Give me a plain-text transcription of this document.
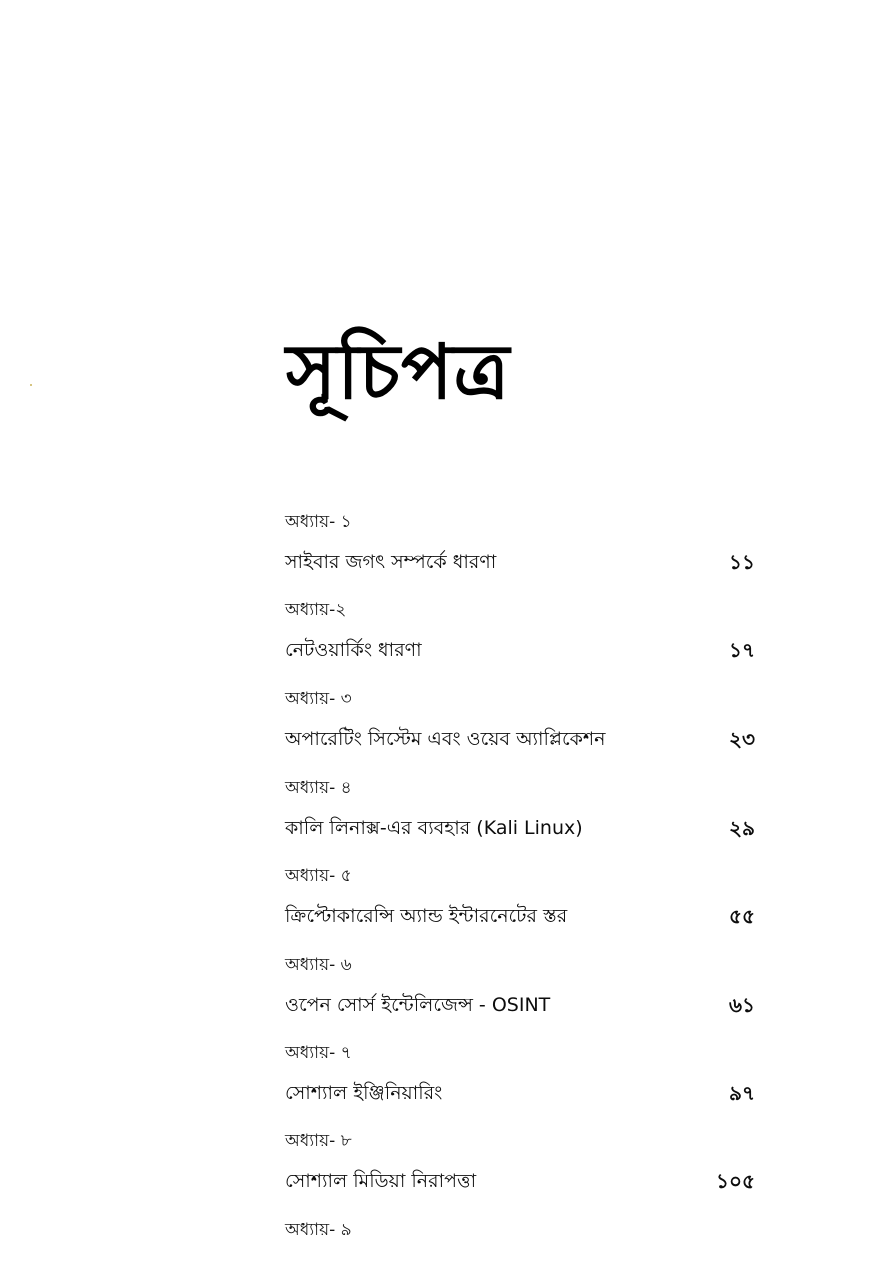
সূচিপত্র
অধ্যায়- ১
সাইবার জগৎ সম্পর্কে ধারণা	১১
অধ্যায়-২
নেটওয়ার্কিং ধারণা	১৭
অধ্যায়- ৩
অপারেটিং সিস্টেম এবং ওয়েব অ্যাপ্লিকেশন	২৩
অধ্যায়- ৪
কালি লিনাক্স-এর ব্যবহার (Kali Linux)	২৯
অধ্যায়- ৫
ক্রিপ্টোকারেন্সি অ্যান্ড ইন্টারনেটের স্তর	৫৫
অধ্যায়- ৬
ওপেন সোর্স ইন্টেলিজেন্স - OSINT	৬১
অধ্যায়- ৭
সোশ্যাল ইঞ্জিনিয়ারিং	৯৭
অধ্যায়- ৮
সোশ্যাল মিডিয়া নিরাপত্তা	১০৫
অধ্যায়- ৯
